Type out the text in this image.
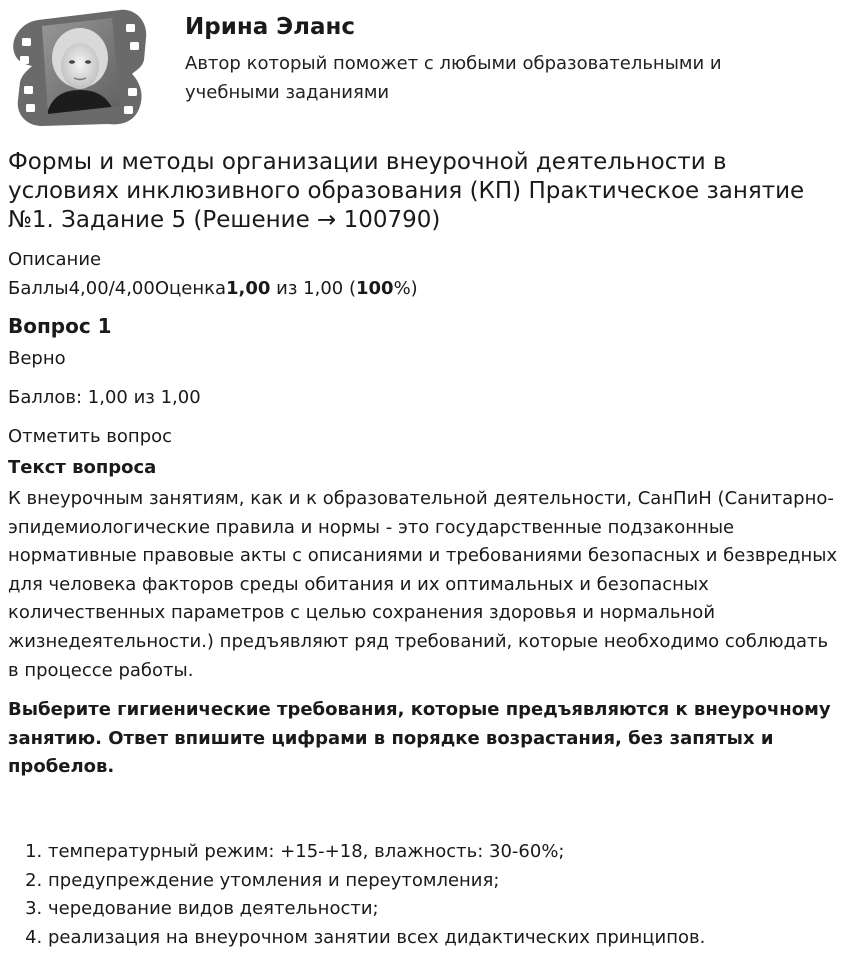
Ирина Эланс

Автор который поможет с любыми образовательными и учебными заданиями

Формы и методы организации внеурочной деятельности в условиях инклюзивного образования (КП) Практическое занятие №1. Задание 5 (Решение → 100790)

Описание

Баллы4,00/4,00Оценка1,00 из 1,00 (100%)

Вопрос 1

Верно

Баллов: 1,00 из 1,00

Отметить вопрос

Текст вопроса

К внеурочным занятиям, как и к образовательной деятельности, СанПиН (Санитарно-эпидемиологические правила и нормы - это государственные подзаконные нормативные правовые акты с описаниями и требованиями безопасных и безвредных для человека факторов среды обитания и их оптимальных и безопасных количественных параметров с целью сохранения здоровья и нормальной жизнедеятельности.) предъявляют ряд требований, которые необходимо соблюдать в процессе работы.

Выберите гигиенические требования, которые предъявляются к внеурочному занятию. Ответ впишите цифрами в порядке возрастания, без запятых и пробелов.

1. температурный режим: +15-+18, влажность: 30-60%;
2. предупреждение утомления и переутомления;
3. чередование видов деятельности;
4. реализация на внеурочном занятии всех дидактических принципов.
